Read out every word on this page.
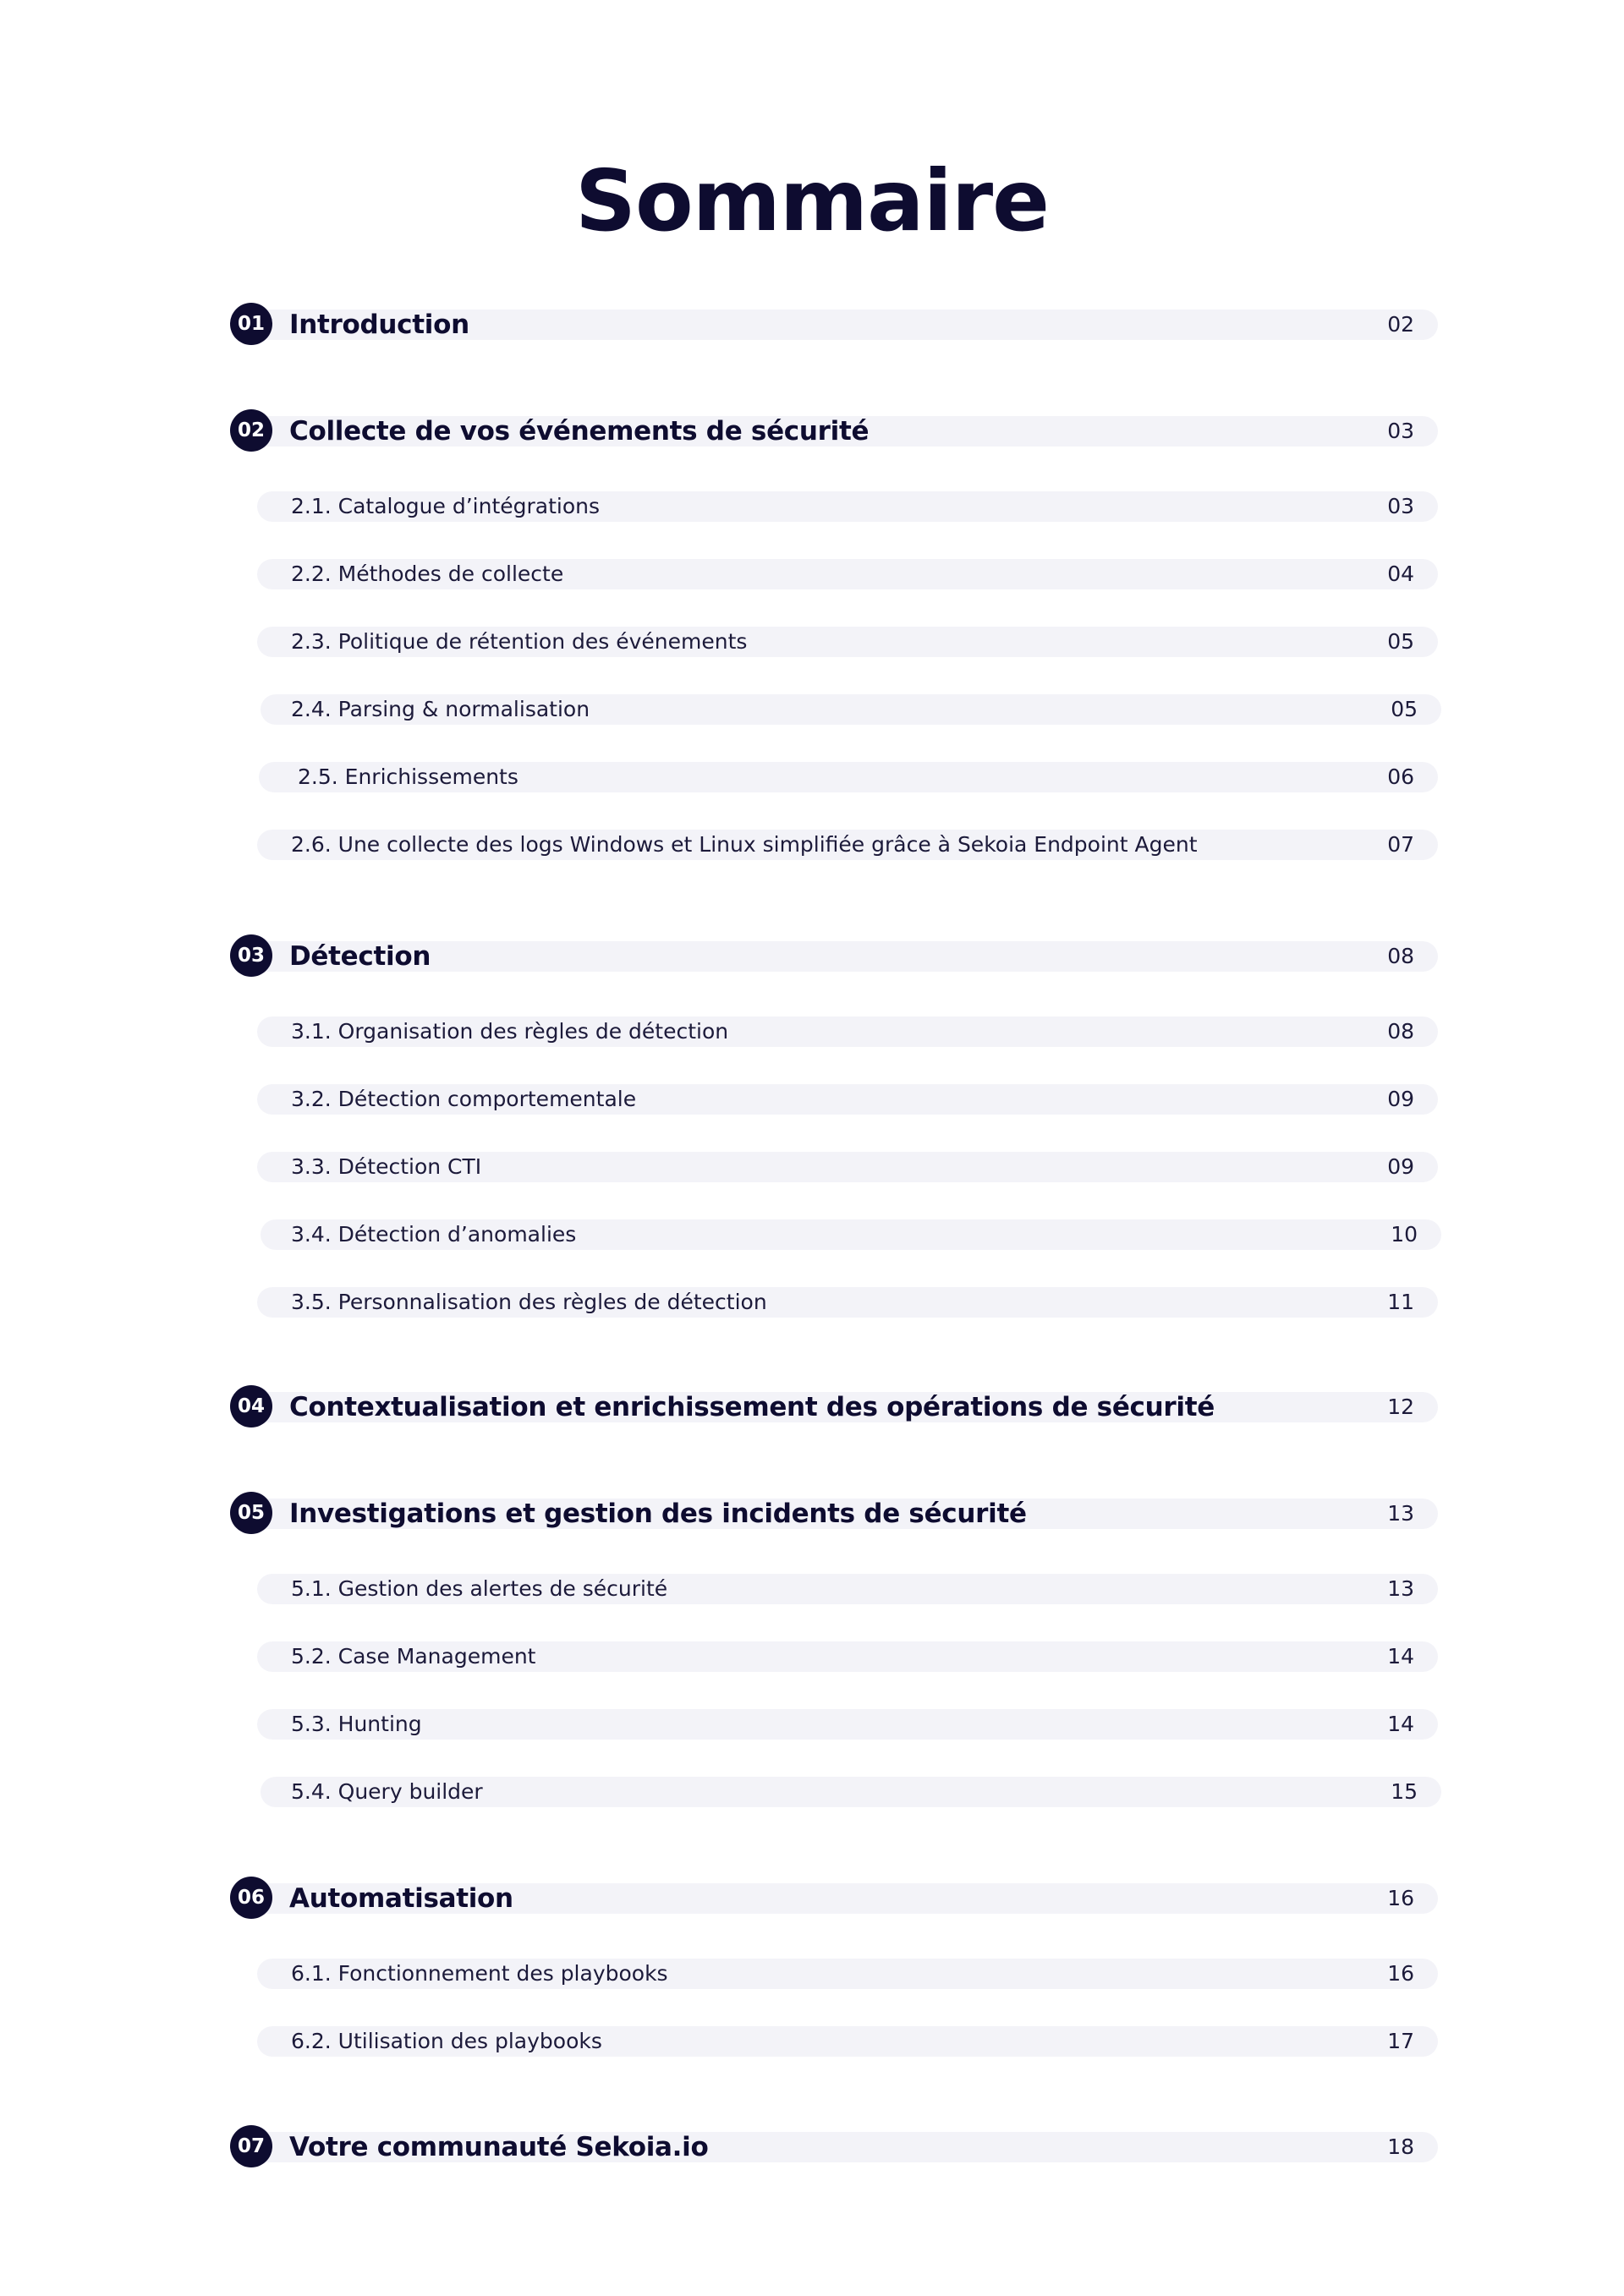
Sommaire
01 Introduction	02
02 Collecte de vos événements de sécurité	03
2.1. Catalogue d’intégrations	03
2.2. Méthodes de collecte	04
2.3. Politique de rétention des événements	05
2.4. Parsing & normalisation	05
2.5. Enrichissements	06
2.6. Une collecte des logs Windows et Linux simplifiée grâce à Sekoia Endpoint Agent	07
03 Détection	08
3.1. Organisation des règles de détection	08
3.2. Détection comportementale	09
3.3. Détection CTI	09
3.4. Détection d’anomalies	10
3.5. Personnalisation des règles de détection	11
04 Contextualisation et enrichissement des opérations de sécurité	12
05 Investigations et gestion des incidents de sécurité	13
5.1. Gestion des alertes de sécurité	13
5.2. Case Management	14
5.3. Hunting	14
5.4. Query builder	15
06 Automatisation	16
6.1. Fonctionnement des playbooks	16
6.2. Utilisation des playbooks	17
07 Votre communauté Sekoia.io	18
